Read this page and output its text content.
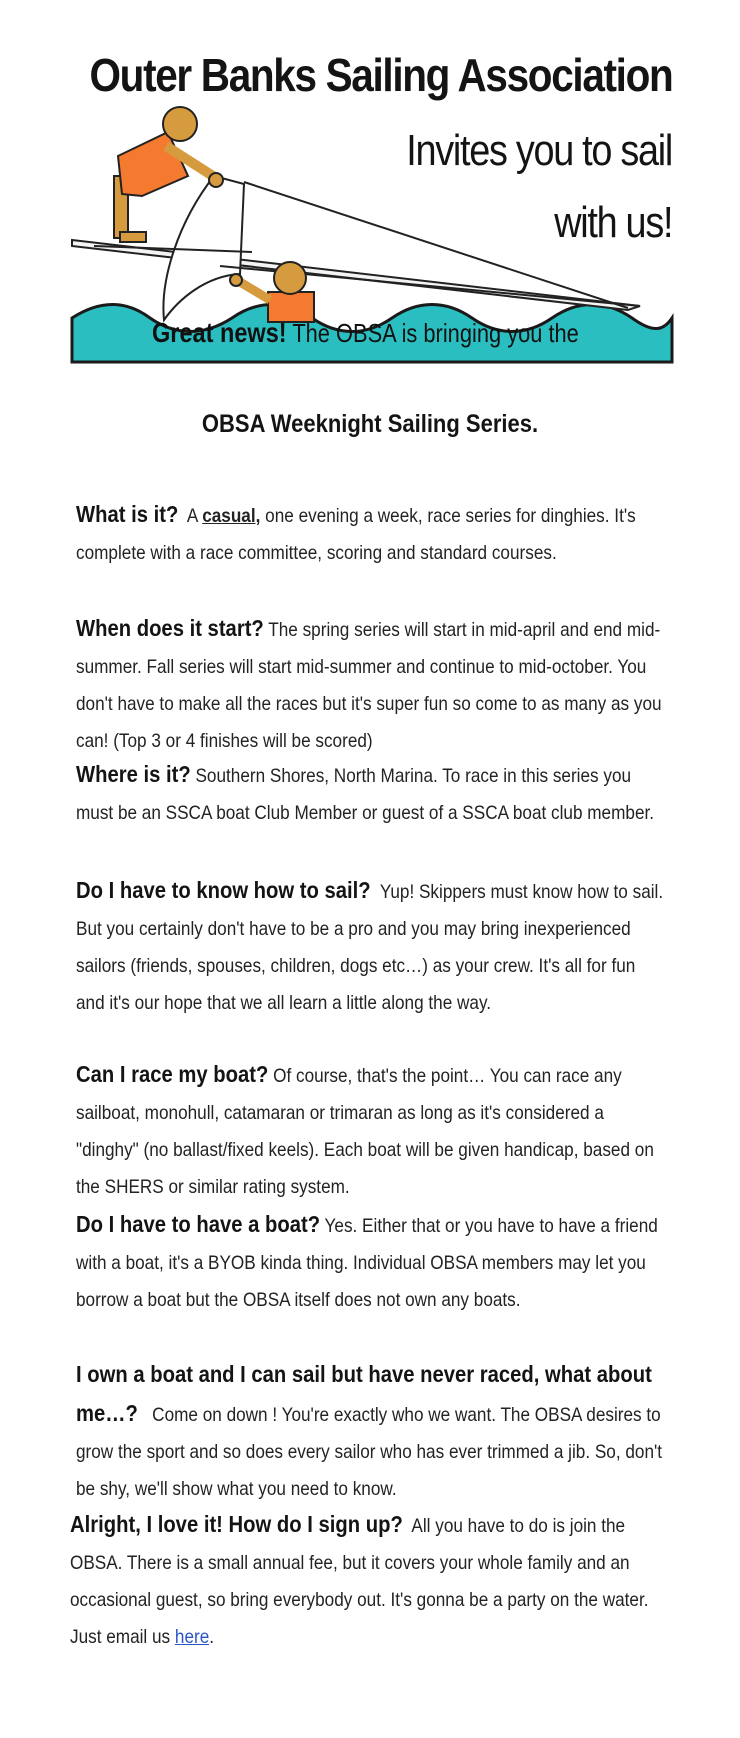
Outer Banks Sailing Association
Invites you to sail
with us!
Great news! The OBSA is bringing you the
OBSA Weeknight Sailing Series.
What is it? A casual, one evening a week, race series for dinghies. It's complete with a race committee, scoring and standard courses.
When does it start? The spring series will start in mid-april and end mid-summer. Fall series will start mid-summer and continue to mid-october. You don't have to make all the races but it's super fun so come to as many as you can! (Top 3 or 4 finishes will be scored)
Where is it? Southern Shores, North Marina. To race in this series you must be an SSCA boat Club Member or guest of a SSCA boat club member.
Do I have to know how to sail? Yup! Skippers must know how to sail. But you certainly don't have to be a pro and you may bring inexperienced sailors (friends, spouses, children, dogs etc…) as your crew. It's all for fun and it's our hope that we all learn a little along the way.
Can I race my boat? Of course, that's the point… You can race any sailboat, monohull, catamaran or trimaran as long as it's considered a "dinghy" (no ballast/fixed keels). Each boat will be given handicap, based on the SHERS or similar rating system.
Do I have to have a boat? Yes. Either that or you have to have a friend with a boat, it's a BYOB kinda thing. Individual OBSA members may let you borrow a boat but the OBSA itself does not own any boats.
I own a boat and I can sail but have never raced, what about me…? Come on down ! You're exactly who we want. The OBSA desires to grow the sport and so does every sailor who has ever trimmed a jib. So, don't be shy, we'll show what you need to know.
Alright, I love it! How do I sign up? All you have to do is join the OBSA. There is a small annual fee, but it covers your whole family and an occasional guest, so bring everybody out. It's gonna be a party on the water. Just email us here.
